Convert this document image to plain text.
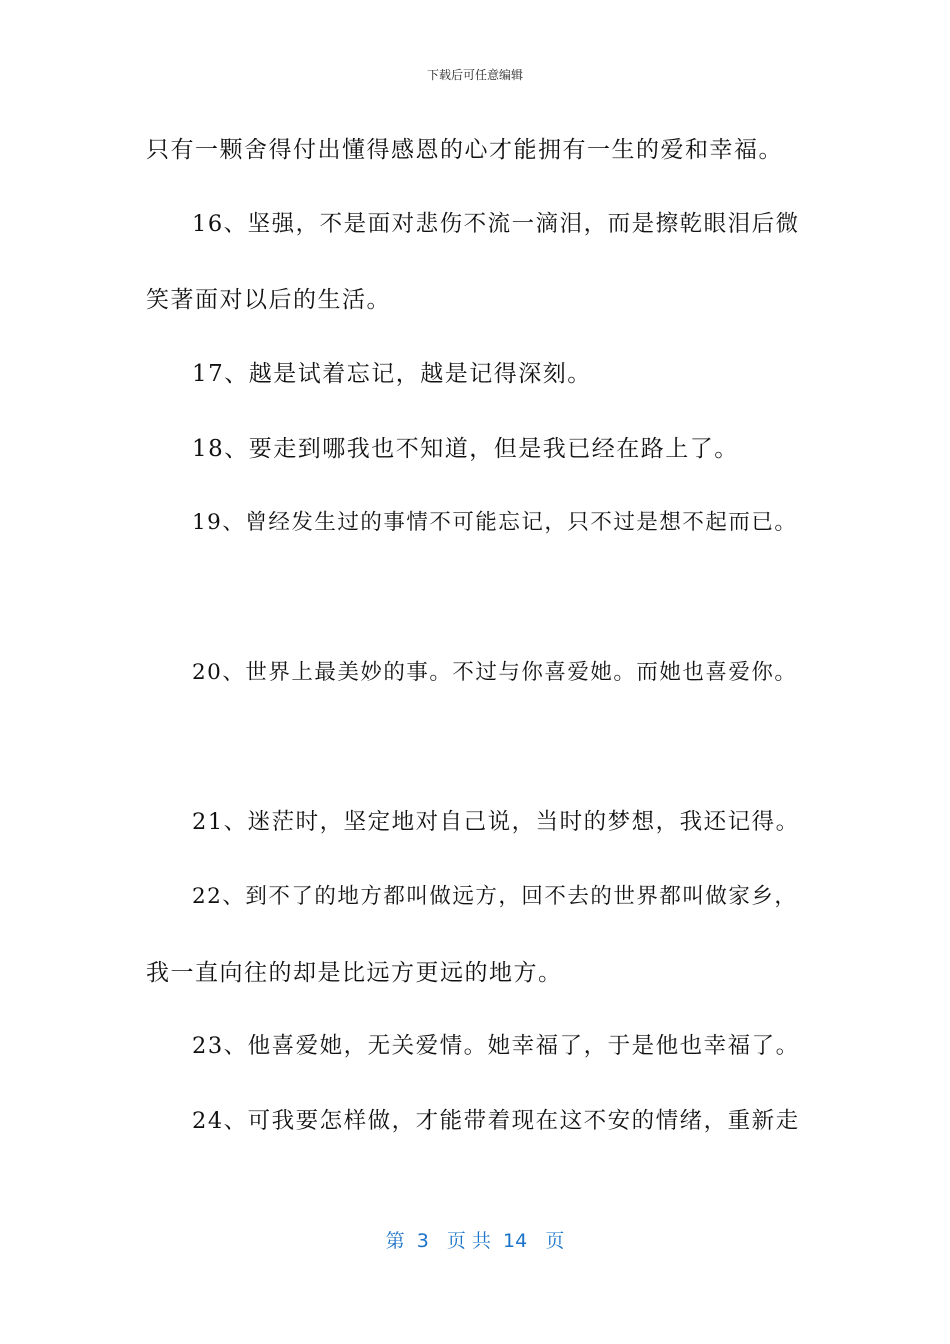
下载后可任意编辑
只有一颗舍得付出懂得感恩的心才能拥有一生的爱和幸福。
16、坚强，不是面对悲伤不流一滴泪，而是擦乾眼泪后微
笑著面对以后的生活。
17、越是试着忘记，越是记得深刻。
18、要走到哪我也不知道，但是我已经在路上了。
19、曾经发生过的事情不可能忘记，只不过是想不起而已。
20、世界上最美妙的事。不过与你喜爱她。而她也喜爱你。
21、迷茫时，坚定地对自己说，当时的梦想，我还记得。
22、到不了的地方都叫做远方，回不去的世界都叫做家乡，
我一直向往的却是比远方更远的地方。
23、他喜爱她，无关爱情。她幸福了，于是他也幸福了。
24、可我要怎样做，才能带着现在这不安的情绪，重新走
第  3   页 共  14   页
